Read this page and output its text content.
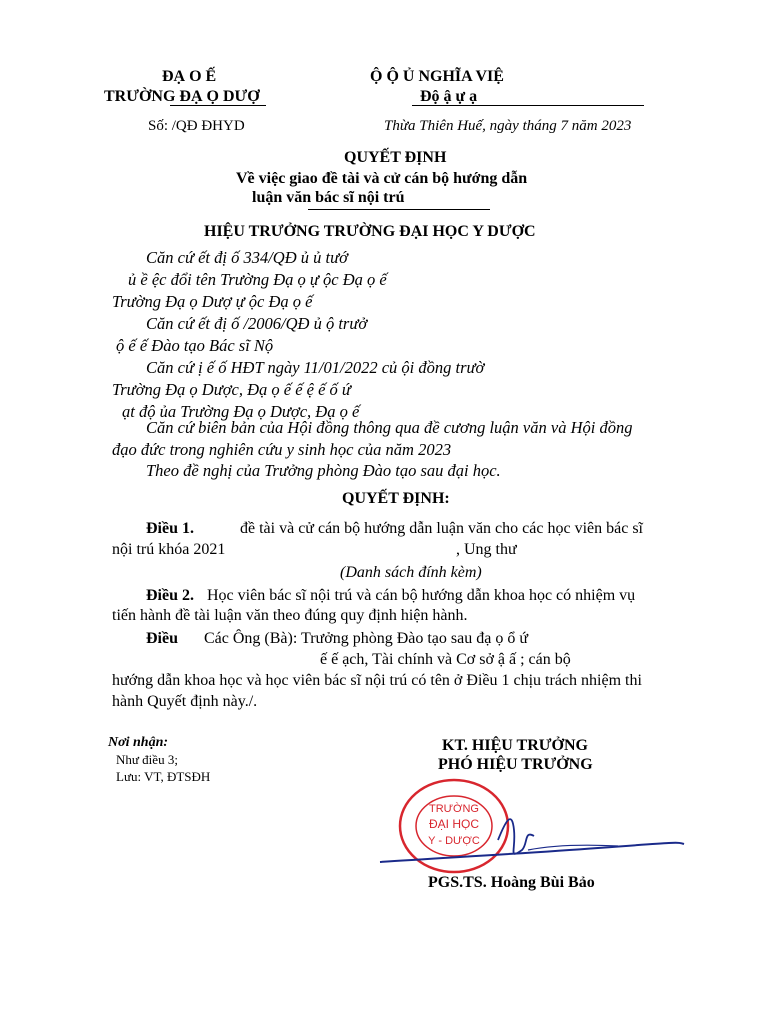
ĐẠ O Ế
TRƯỜNG ĐẠ Ọ DƯỢ
Ộ Ộ Ủ NGHĨA VIỆ
Độ ậ ự ạ
Số: /QĐ ĐHYD	Thừa Thiên Huế, ngày tháng 7 năm 2023
QUYẾT ĐỊNH
Về việc giao đề tài và cử cán bộ hướng dẫn
luận văn bác sĩ nội trú
HIỆU TRƯỞNG TRƯỜNG ĐẠI HỌC Y DƯỢC
Căn cứ ết đị ố 334/QĐ ủ ủ tướ
ủ ề ệc đổi tên Trường Đạ ọ ự ộc Đạ ọ ế
Trường Đạ ọ Dượ ự ộc Đạ ọ ế
Căn cứ ết đị ố /2006/QĐ ủ ộ trưở
ộ ế ế Đào tạo Bác sĩ Nộ
Căn cứ ị ế ố HĐT ngày 11/01/2022 củ ội đồng trườ
Trường Đạ ọ Dược, Đạ ọ ế ế ệ ế ố ứ
ạt độ ủa Trường Đạ ọ Dược, Đạ ọ ế
Căn cứ biên bản của Hội đồng thông qua đề cương luận văn và Hội đồng
đạo đức trong nghiên cứu y sinh học của năm 2023
Theo đề nghị của Trưởng phòng Đào tạo sau đại học.
QUYẾT ĐỊNH:
Điều 1.	đề tài và cử cán bộ hướng dẫn luận văn cho các học viên bác sĩ
nội trú khóa 2021	, Ung thư
(Danh sách đính kèm)
Điều 2. Học viên bác sĩ nội trú và cán bộ hướng dẫn khoa học có nhiệm vụ
tiến hành đề tài luận văn theo đúng quy định hiện hành.
Điều Các Ông (Bà): Trưởng phòng Đào tạo sau đạ ọ ổ ứ
ế ế ạch, Tài chính và Cơ sở ậ ấ ; cán bộ
hướng dẫn khoa học và học viên bác sĩ nội trú có tên ở Điều 1 chịu trách nhiệm thi
hành Quyết định này./.
Nơi nhận:
Như điều 3;
Lưu: VT, ĐTSĐH
KT. HIỆU TRƯỞNG
PHÓ HIỆU TRƯỞNG
TRƯỜNG
ĐẠI HỌC
Y - DƯỢC
PGS.TS. Hoàng Bùi Bảo
